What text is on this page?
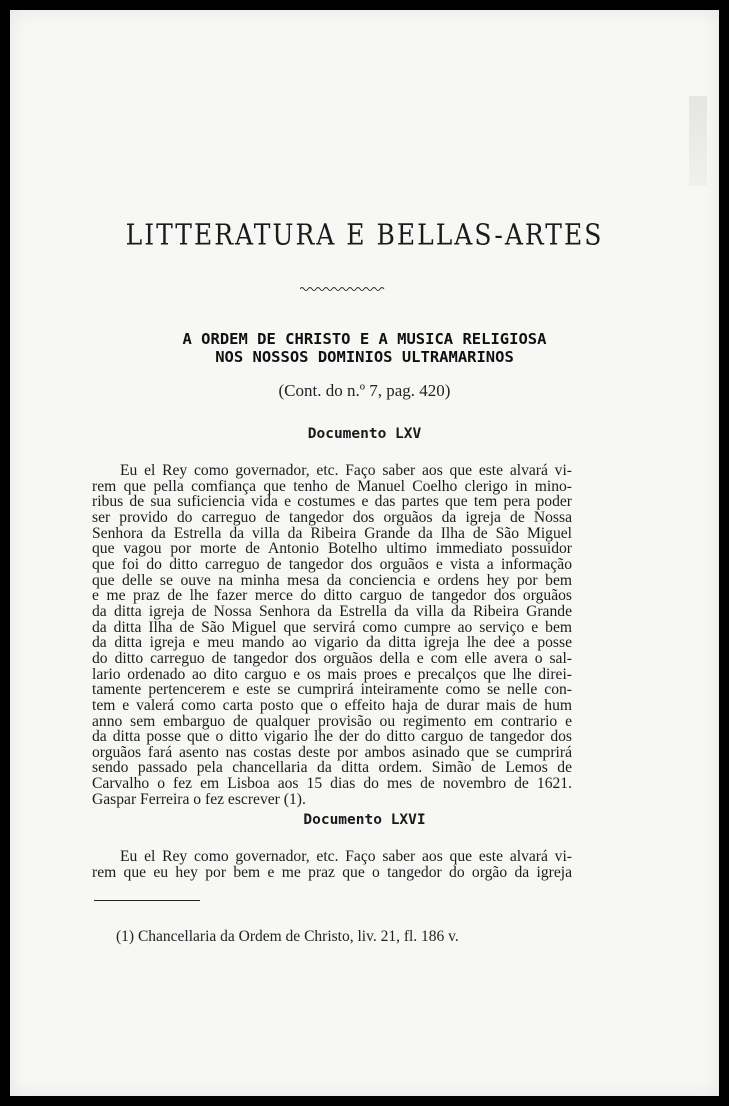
LITTERATURA E BELLAS-ARTES
A ORDEM DE CHRISTO E A MUSICA RELIGIOSA
NOS NOSSOS DOMINIOS ULTRAMARINOS
(Cont. do n.º 7, pag. 420)
Documento LXV
Eu el Rey como governador, etc. Faço saber aos que este alvará vi-
rem que pella comfiança que tenho de Manuel Coelho clerigo in mino-
ribus de sua suficiencia vida e costumes e das partes que tem pera poder
ser provido do carreguo de tangedor dos orguãos da igreja de Nossa
Senhora da Estrella da villa da Ribeira Grande da Ilha de São Miguel
que vagou por morte de Antonio Botelho ultimo immediato possuidor
que foi do ditto carreguo de tangedor dos orguãos e vista a informação
que delle se ouve na minha mesa da conciencia e ordens hey por bem
e me praz de lhe fazer merce do ditto carguo de tangedor dos orguãos
da ditta igreja de Nossa Senhora da Estrella da villa da Ribeira Grande
da ditta Ilha de São Miguel que servirá como cumpre ao serviço e bem
da ditta igreja e meu mando ao vigario da ditta igreja lhe dee a posse
do ditto carreguo de tangedor dos orguãos della e com elle avera o sal-
lario ordenado ao dito carguo e os mais proes e precalços que lhe direi-
tamente pertencerem e este se cumprirá inteiramente como se nelle con-
tem e valerá como carta posto que o effeito haja de durar mais de hum
anno sem embarguo de qualquer provisão ou regimento em contrario e
da ditta posse que o ditto vigario lhe der do ditto carguo de tangedor dos
orguãos fará asento nas costas deste por ambos asinado que se cumprirá
sendo passado pela chancellaria da ditta ordem. Simão de Lemos de
Carvalho o fez em Lisboa aos 15 dias do mes de novembro de 1621.
Gaspar Ferreira o fez escrever (1).
Documento LXVI
Eu el Rey como governador, etc. Faço saber aos que este alvará vi-
rem que eu hey por bem e me praz que o tangedor do orgão da igreja
(1) Chancellaria da Ordem de Christo, liv. 21, fl. 186 v.
